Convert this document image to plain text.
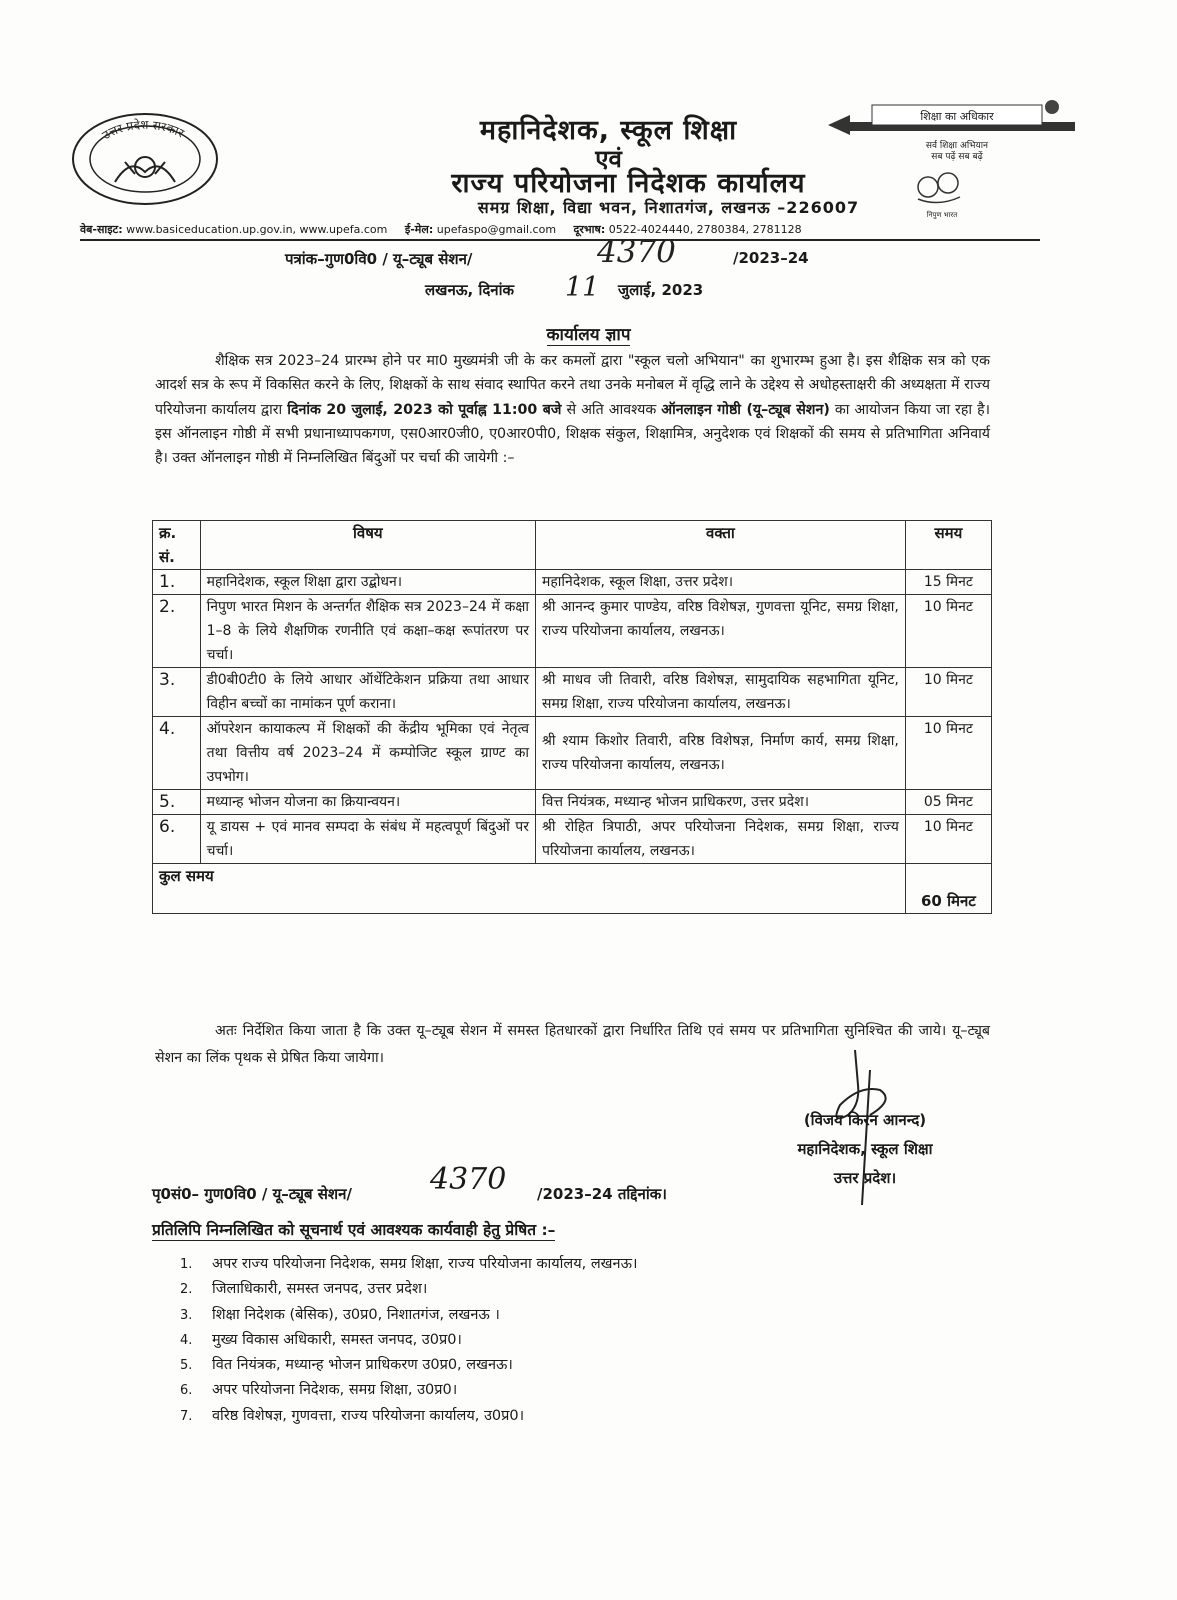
उत्तर प्रदेश सरकार	महानिदेशक, स्कूल शिक्षा
एवं
राज्य परियोजना निदेशक कार्यालय
समग्र शिक्षा, विद्या भवन, निशातगंज, लखनऊ –226007
शिक्षा का अधिकार
सर्व शिक्षा अभियान
सब पढ़ें सब बढ़ें
निपुण भारत
वेब-साइट: www.basiceducation.up.gov.in, www.upefa.com ई-मेल: upefaspo@gmail.com दूरभाष: 0522-4024440, 2780384, 2781128
पत्रांक–गुण0वि0 / यू–ट्यूब सेशन/	4370	/2023–24
लखनऊ, दिनांक 11 जुलाई, 2023
कार्यालय ज्ञाप

शैक्षिक सत्र 2023–24 प्रारम्भ होने पर मा0 मुख्यमंत्री जी के कर कमलों द्वारा "स्कूल चलो अभियान" का शुभारम्भ हुआ है। इस शैक्षिक सत्र को एक आदर्श सत्र के रूप में विकसित करने के लिए, शिक्षकों के साथ संवाद स्थापित करने तथा उनके मनोबल में वृद्धि लाने के उद्देश्य से अधोहस्ताक्षरी की अध्यक्षता में राज्य परियोजना कार्यालय द्वारा दिनांक 20 जुलाई, 2023 को पूर्वाह्न 11:00 बजे से अति आवश्यक ऑनलाइन गोष्ठी (यू–ट्यूब सेशन) का आयोजन किया जा रहा है। इस ऑनलाइन गोष्ठी में सभी प्रधानाध्यापकगण, एस0आर0जी0, ए0आर0पी0, शिक्षक संकुल, शिक्षामित्र, अनुदेशक एवं शिक्षकों की समय से प्रतिभागिता अनिवार्य है। उक्त ऑनलाइन गोष्ठी में निम्नलिखित बिंदुओं पर चर्चा की जायेगी :–

क्र. सं.	विषय	वक्ता	समय
1.	महानिदेशक, स्कूल शिक्षा द्वारा उद्बोधन।	महानिदेशक, स्कूल शिक्षा, उत्तर प्रदेश।	15 मिनट
2.	निपुण भारत मिशन के अन्तर्गत शैक्षिक सत्र 2023–24 में कक्षा 1–8 के लिये शैक्षणिक रणनीति एवं कक्षा–कक्ष रूपांतरण पर चर्चा।	श्री आनन्द कुमार पाण्डेय, वरिष्ठ विशेषज्ञ, गुणवत्ता यूनिट, समग्र शिक्षा, राज्य परियोजना कार्यालय, लखनऊ।	10 मिनट
3.	डी0बी0टी0 के लिये आधार ऑथेंटिकेशन प्रक्रिया तथा आधार विहीन बच्चों का नामांकन पूर्ण कराना।	श्री माधव जी तिवारी, वरिष्ठ विशेषज्ञ, सामुदायिक सहभागिता यूनिट, समग्र शिक्षा, राज्य परियोजना कार्यालय, लखनऊ।	10 मिनट
4.	ऑपरेशन कायाकल्प में शिक्षकों की केंद्रीय भूमिका एवं नेतृत्व तथा वित्तीय वर्ष 2023–24 में कम्पोजिट स्कूल ग्राण्ट का उपभोग।	श्री श्याम किशोर तिवारी, वरिष्ठ विशेषज्ञ, निर्माण कार्य, समग्र शिक्षा, राज्य परियोजना कार्यालय, लखनऊ।	10 मिनट
5.	मध्यान्ह भोजन योजना का क्रियान्वयन।	वित्त नियंत्रक, मध्यान्ह भोजन प्राधिकरण, उत्तर प्रदेश।	05 मिनट
6.	यू डायस + एवं मानव सम्पदा के संबंध में महत्वपूर्ण बिंदुओं पर चर्चा।	श्री रोहित त्रिपाठी, अपर परियोजना निदेशक, समग्र शिक्षा, राज्य परियोजना कार्यालय, लखनऊ।	10 मिनट
कुल समय			60 मिनट

अतः निर्देशित किया जाता है कि उक्त यू–ट्यूब सेशन में समस्त हितधारकों द्वारा निर्धारित तिथि एवं समय पर प्रतिभागिता सुनिश्चित की जाये। यू–ट्यूब सेशन का लिंक पृथक से प्रेषित किया जायेगा।

(विजय किरन आनन्द)
महानिदेशक, स्कूल शिक्षा
उत्तर प्रदेश।
पृ0सं0– गुण0वि0 / यू–ट्यूब सेशन/	4370 /2023–24 तद्दिनांक।
प्रतिलिपि निम्नलिखित को सूचनार्थ एवं आवश्यक कार्यवाही हेतु प्रेषित :–
1. अपर राज्य परियोजना निदेशक, समग्र शिक्षा, राज्य परियोजना कार्यालय, लखनऊ।
2. जिलाधिकारी, समस्त जनपद, उत्तर प्रदेश।
3. शिक्षा निदेशक (बेसिक), उ0प्र0, निशातगंज, लखनऊ ।
4. मुख्य विकास अधिकारी, समस्त जनपद, उ0प्र0।
5. वित नियंत्रक, मध्यान्ह भोजन प्राधिकरण उ0प्र0, लखनऊ।
6. अपर परियोजना निदेशक, समग्र शिक्षा, उ0प्र0।
7. वरिष्ठ विशेषज्ञ, गुणवत्ता, राज्य परियोजना कार्यालय, उ0प्र0।
